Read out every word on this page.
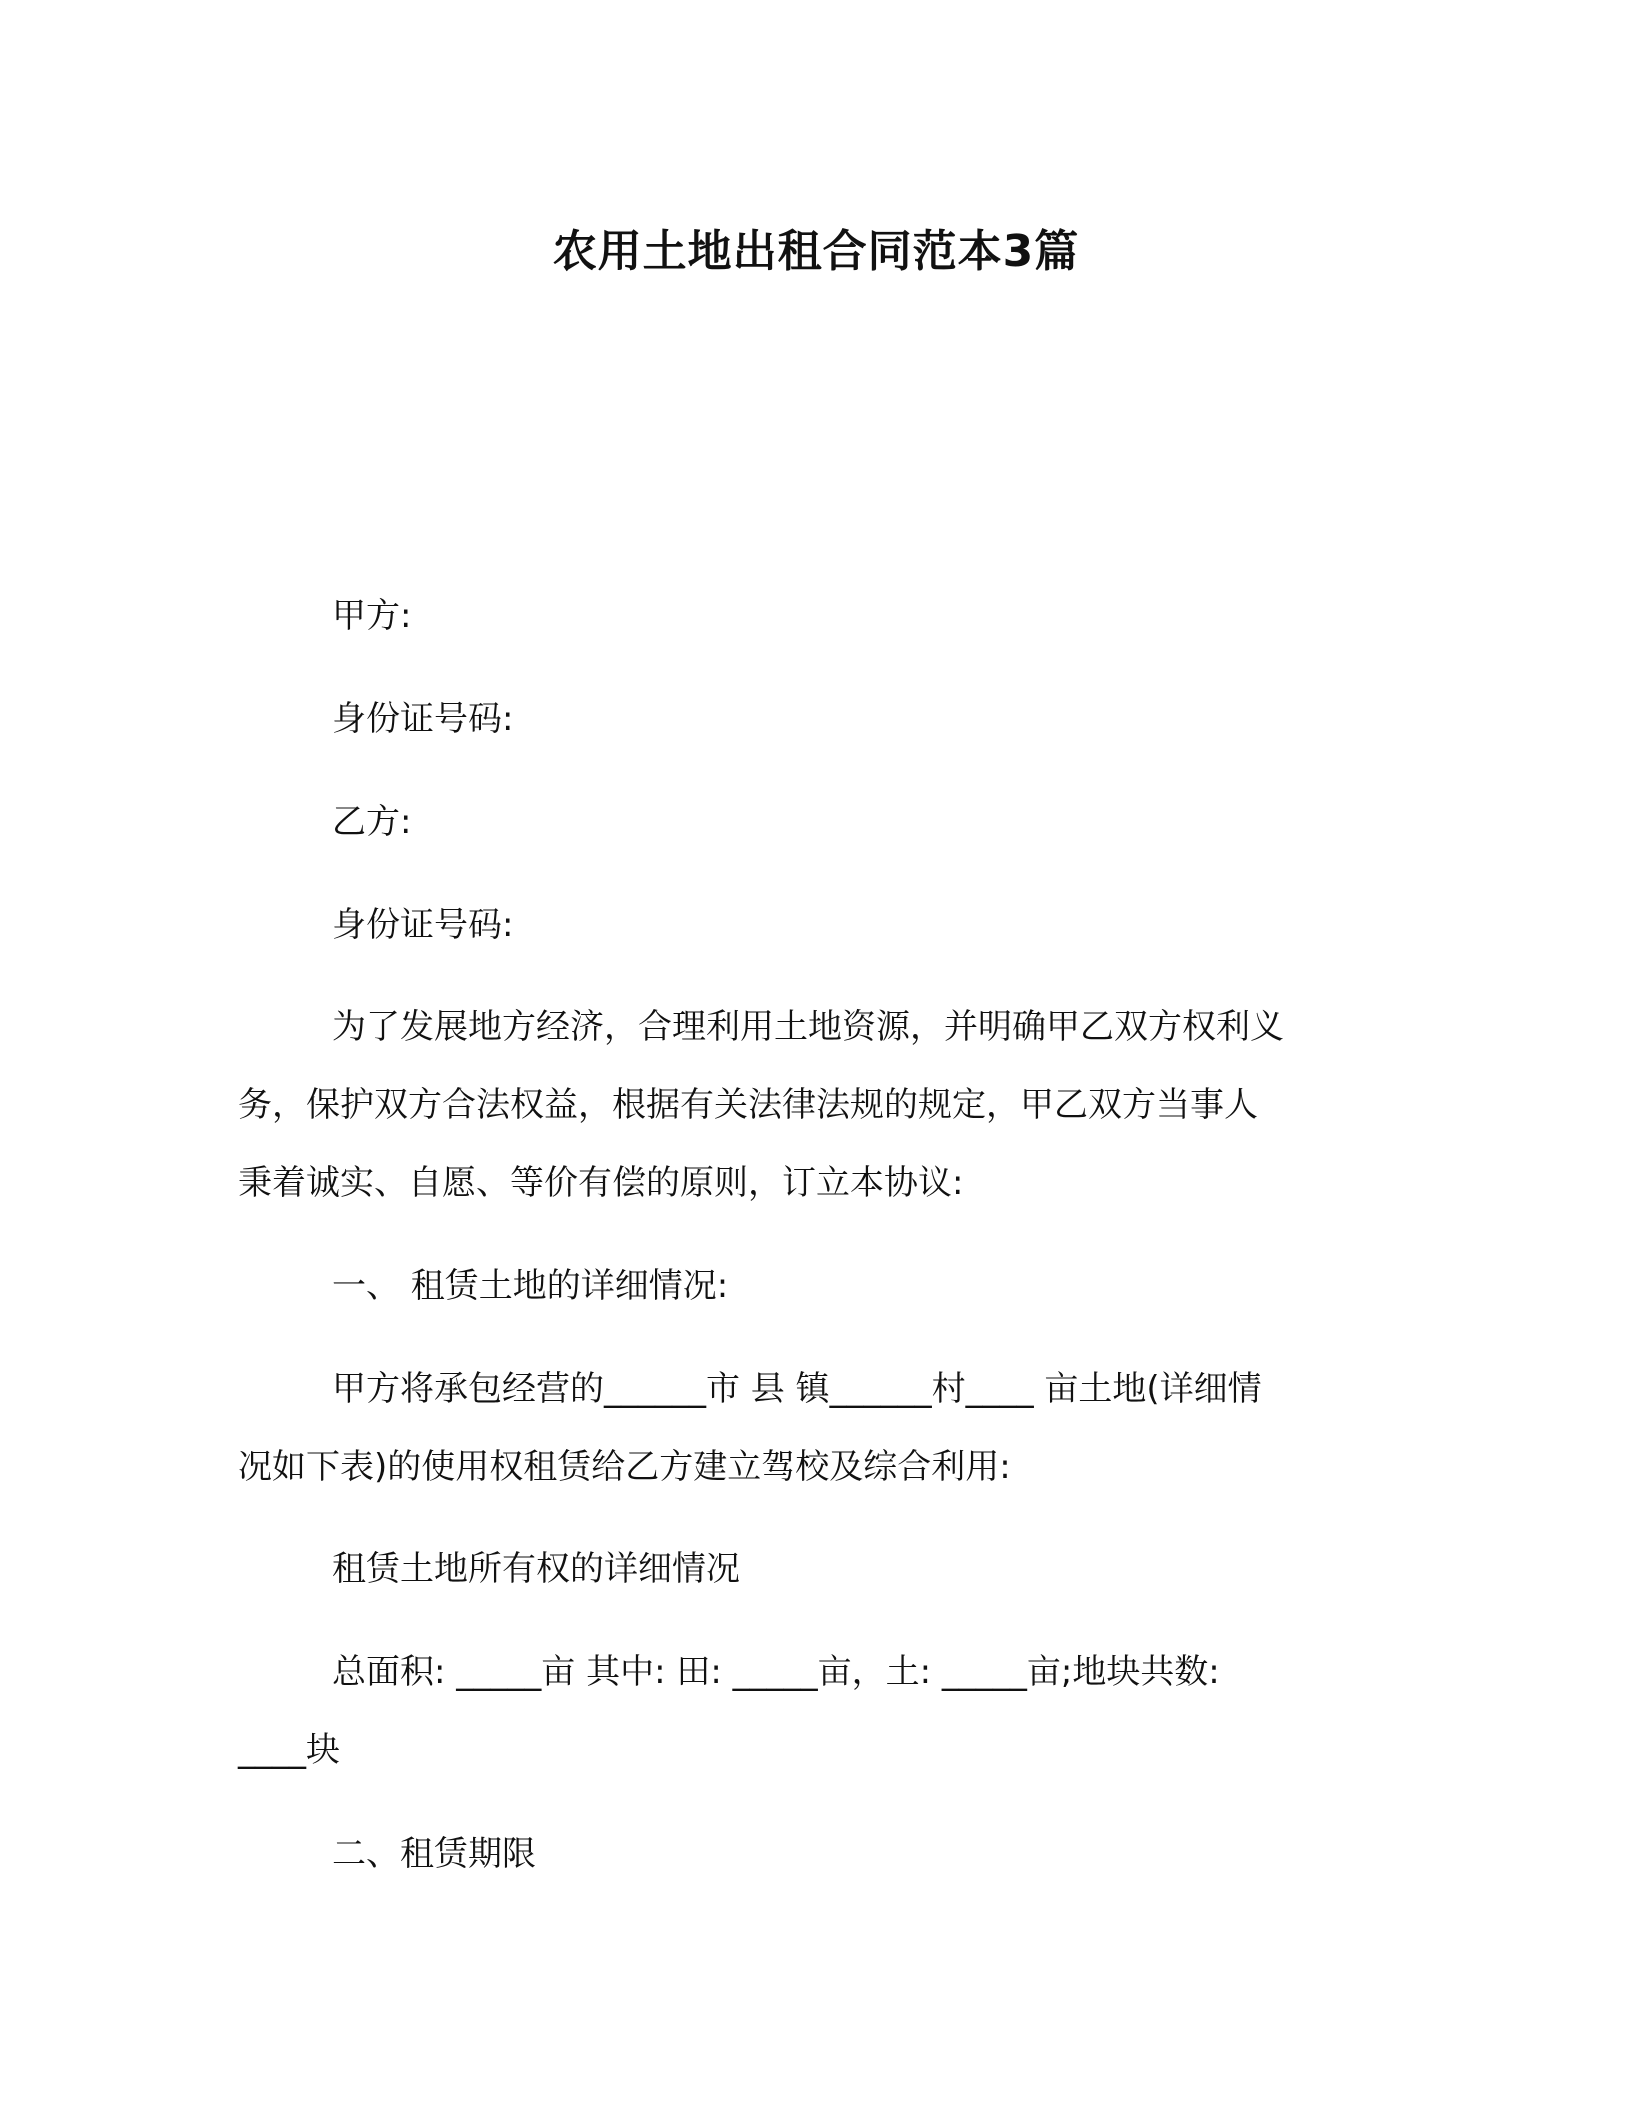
农用土地出租合同范本3篇
甲方:
身份证号码:
乙方:
身份证号码:
为了发展地方经济，合理利用土地资源，并明确甲乙双方权利义
务，保护双方合法权益，根据有关法律法规的规定，甲乙双方当事人
秉着诚实、自愿、等价有偿的原则，订立本协议:
一、 租赁土地的详细情况:
甲方将承包经营的______市 县 镇______村____ 亩土地(详细情
况如下表)的使用权租赁给乙方建立驾校及综合利用:
租赁土地所有权的详细情况
总面积: _____亩 其中: 田: _____亩，土: _____亩;地块共数:
____块
二、租赁期限
